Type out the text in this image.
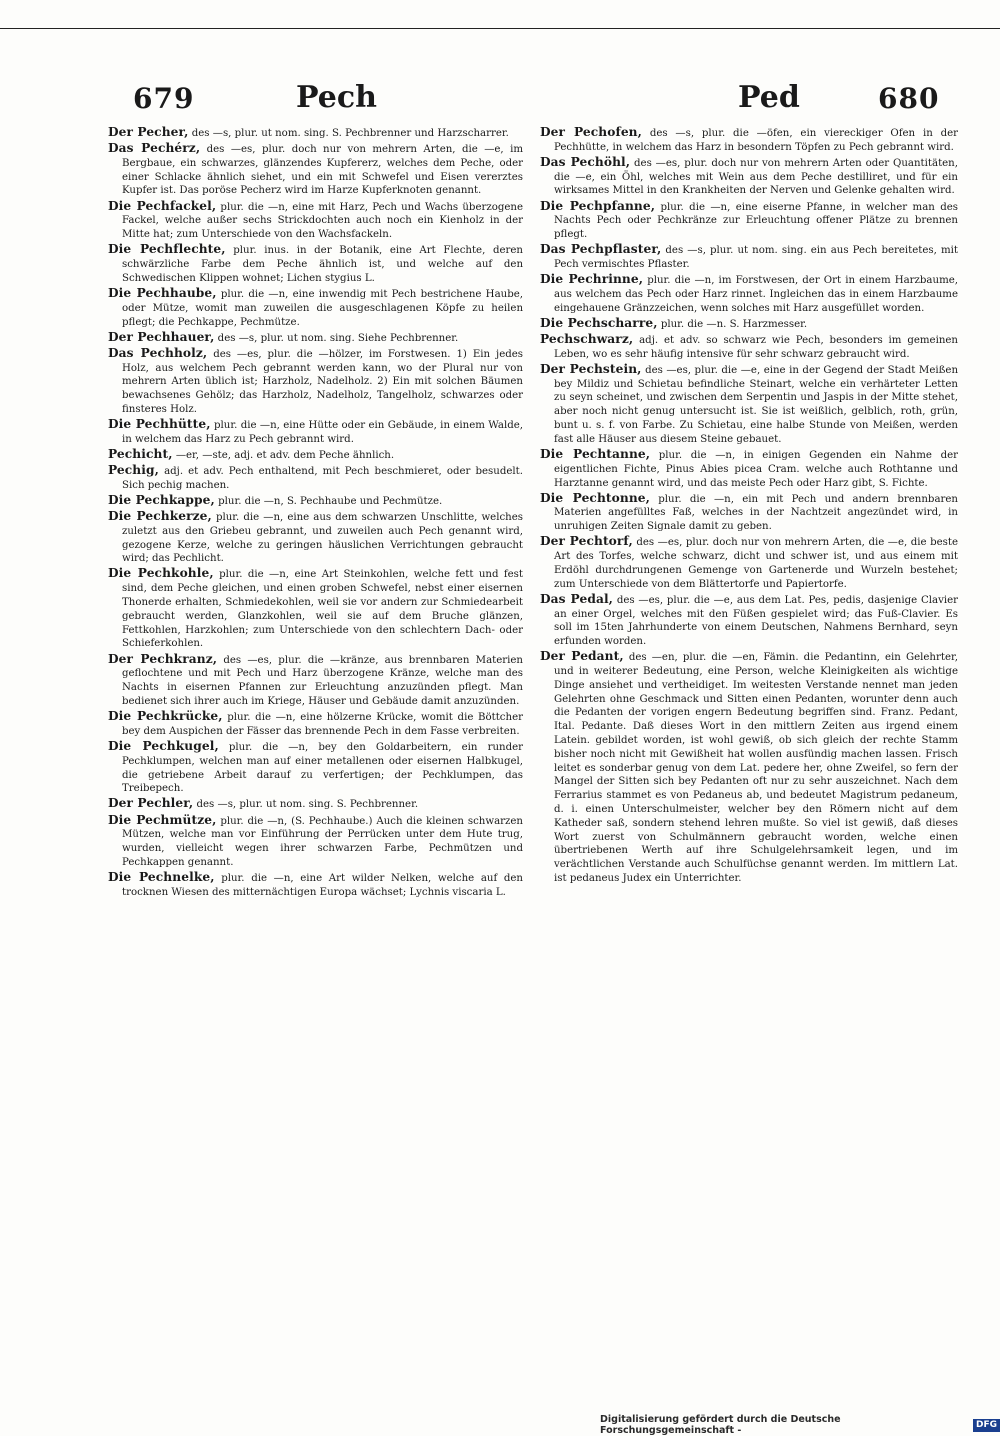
679	Pech	Ped	680

Der Pecher, des —s, plur. ut nom. sing. S. Pechbrenner und Harzscharrer.

Das Pechérz, des —es, plur. doch nur von mehrern Arten, die —e, im Bergbaue, ein schwarzes, glänzendes Kupfererz, welches dem Peche, oder einer Schlacke ähnlich siehet, und ein mit Schwefel und Eisen vererztes Kupfer ist. Das poröse Pecherz wird im Harze Kupferknoten genannt.

Die Pechfackel, plur. die —n, eine mit Harz, Pech und Wachs überzogene Fackel, welche außer sechs Strickdochten auch noch ein Kienholz in der Mitte hat; zum Unterschiede von den Wachsfackeln.

Die Pechflechte, plur. inus. in der Botanik, eine Art Flechte, deren schwärzliche Farbe dem Peche ähnlich ist, und welche auf den Schwedischen Klippen wohnet; Lichen stygius L.

Die Pechhaube, plur. die —n, eine inwendig mit Pech bestrichene Haube, oder Mütze, womit man zuweilen die ausgeschlagenen Köpfe zu heilen pflegt; die Pechkappe, Pechmütze.

Der Pechhauer, des —s, plur. ut nom. sing. Siehe Pechbrenner.

Das Pechholz, des —es, plur. die —hölzer, im Forstwesen. 1) Ein jedes Holz, aus welchem Pech gebrannt werden kann, wo der Plural nur von mehrern Arten üblich ist; Harzholz, Nadelholz. 2) Ein mit solchen Bäumen bewachsenes Gehölz; das Harzholz, Nadelholz, Tangelholz, schwarzes oder finsteres Holz.

Die Pechhütte, plur. die —n, eine Hütte oder ein Gebäude, in einem Walde, in welchem das Harz zu Pech gebrannt wird.

Pechicht, —er, —ste, adj. et adv. dem Peche ähnlich.

Pechig, adj. et adv. Pech enthaltend, mit Pech beschmieret, oder besudelt. Sich pechig machen.

Die Pechkappe, plur. die —n, S. Pechhaube und Pechmütze.

Die Pechkerze, plur. die —n, eine aus dem schwarzen Unschlitte, welches zuletzt aus den Griebeu gebrannt, und zuweilen auch Pech genannt wird, gezogene Kerze, welche zu geringen häuslichen Verrichtungen gebraucht wird; das Pechlicht.

Die Pechkohle, plur. die —n, eine Art Steinkohlen, welche fett und fest sind, dem Peche gleichen, und einen groben Schwefel, nebst einer eisernen Thonerde erhalten, Schmiedekohlen, weil sie vor andern zur Schmiedearbeit gebraucht werden, Glanzkohlen, weil sie auf dem Bruche glänzen, Fettkohlen, Harzkohlen; zum Unterschiede von den schlechtern Dach- oder Schieferkohlen.

Der Pechkranz, des —es, plur. die —kränze, aus brennbaren Materien geflochtene und mit Pech und Harz überzogene Kränze, welche man des Nachts in eisernen Pfannen zur Erleuchtung anzuzünden pflegt. Man bedienet sich ihrer auch im Kriege, Häuser und Gebäude damit anzuzünden.

Die Pechkrücke, plur. die —n, eine hölzerne Krücke, womit die Böttcher bey dem Auspichen der Fässer das brennende Pech in dem Fasse verbreiten.

Die Pechkugel, plur. die —n, bey den Goldarbeitern, ein runder Pechklumpen, welchen man auf einer metallenen oder eisernen Halbkugel, die getriebene Arbeit darauf zu verfertigen; der Pechklumpen, das Treibepech.

Der Pechler, des —s, plur. ut nom. sing. S. Pechbrenner.

Die Pechmütze, plur. die —n, (S. Pechhaube.) Auch die kleinen schwarzen Mützen, welche man vor Einführung der Perrücken unter dem Hute trug, wurden, vielleicht wegen ihrer schwarzen Farbe, Pechmützen und Pechkappen genannt.

Die Pechnelke, plur. die —n, eine Art wilder Nelken, welche auf den trocknen Wiesen des mitternächtigen Europa wächset; Lychnis viscaria L.

Der Pechofen, des —s, plur. die —öfen, ein viereckiger Ofen in der Pechhütte, in welchem das Harz in besondern Töpfen zu Pech gebrannt wird.

Das Pechöhl, des —es, plur. doch nur von mehrern Arten oder Quantitäten, die —e, ein Öhl, welches mit Wein aus dem Peche destilliret, und für ein wirksames Mittel in den Krankheiten der Nerven und Gelenke gehalten wird.

Die Pechpfanne, plur. die —n, eine eiserne Pfanne, in welcher man des Nachts Pech oder Pechkränze zur Erleuchtung offener Plätze zu brennen pflegt.

Das Pechpflaster, des —s, plur. ut nom. sing. ein aus Pech bereitetes, mit Pech vermischtes Pflaster.

Die Pechrinne, plur. die —n, im Forstwesen, der Ort in einem Harzbaume, aus welchem das Pech oder Harz rinnet. Ingleichen das in einem Harzbaume eingehauene Gränzzeichen, wenn solches mit Harz ausgefüllet worden.

Die Pechscharre, plur. die —n. S. Harzmesser.

Pechschwarz, adj. et adv. so schwarz wie Pech, besonders im gemeinen Leben, wo es sehr häufig intensive für sehr schwarz gebraucht wird.

Der Pechstein, des —es, plur. die —e, eine in der Gegend der Stadt Meißen bey Mildiz und Schietau befindliche Steinart, welche ein verhärteter Letten zu seyn scheinet, und zwischen dem Serpentin und Jaspis in der Mitte stehet, aber noch nicht genug untersucht ist. Sie ist weißlich, gelblich, roth, grün, bunt u. s. f. von Farbe. Zu Schietau, eine halbe Stunde von Meißen, werden fast alle Häuser aus diesem Steine gebauet.

Die Pechtanne, plur. die —n, in einigen Gegenden ein Nahme der eigentlichen Fichte, Pinus Abies picea Cram. welche auch Rothtanne und Harztanne genannt wird, und das meiste Pech oder Harz gibt, S. Fichte.

Die Pechtonne, plur. die —n, ein mit Pech und andern brennbaren Materien angefülltes Faß, welches in der Nachtzeit angezündet wird, in unruhigen Zeiten Signale damit zu geben.

Der Pechtorf, des —es, plur. doch nur von mehrern Arten, die —e, die beste Art des Torfes, welche schwarz, dicht und schwer ist, und aus einem mit Erdöhl durchdrungenen Gemenge von Gartenerde und Wurzeln bestehet; zum Unterschiede von dem Blättertorfe und Papiertorfe.

Das Pedal, des —es, plur. die —e, aus dem Lat. Pes, pedis, dasjenige Clavier an einer Orgel, welches mit den Füßen gespielet wird; das Fuß-Clavier. Es soll im 15ten Jahrhunderte von einem Deutschen, Nahmens Bernhard, seyn erfunden worden.

Der Pedant, des —en, plur. die —en, Fämin. die Pedantinn, ein Gelehrter, und in weiterer Bedeutung, eine Person, welche Kleinigkeiten als wichtige Dinge ansiehet und vertheidiget. Im weitesten Verstande nennet man jeden Gelehrten ohne Geschmack und Sitten einen Pedanten, worunter denn auch die Pedanten der vorigen engern Bedeutung begriffen sind. Franz. Pedant, Ital. Pedante. Daß dieses Wort in den mittlern Zeiten aus irgend einem Latein. gebildet worden, ist wohl gewiß, ob sich gleich der rechte Stamm bisher noch nicht mit Gewißheit hat wollen ausfündig machen lassen. Frisch leitet es sonderbar genug von dem Lat. pedere her, ohne Zweifel, so fern der Mangel der Sitten sich bey Pedanten oft nur zu sehr auszeichnet. Nach dem Ferrarius stammet es von Pedaneus ab, und bedeutet Magistrum pedaneum, d. i. einen Unterschulmeister, welcher bey den Römern nicht auf dem Katheder saß, sondern stehend lehren mußte. So viel ist gewiß, daß dieses Wort zuerst von Schulmännern gebraucht worden, welche einen übertriebenen Werth auf ihre Schulgelehrsamkeit legen, und im verächtlichen Verstande auch Schulfüchse genannt werden. Im mittlern Lat. ist pedaneus Judex ein Unterrichter.

Digitalisierung gefördert durch die Deutsche Forschungsgemeinschaft -
DFG
